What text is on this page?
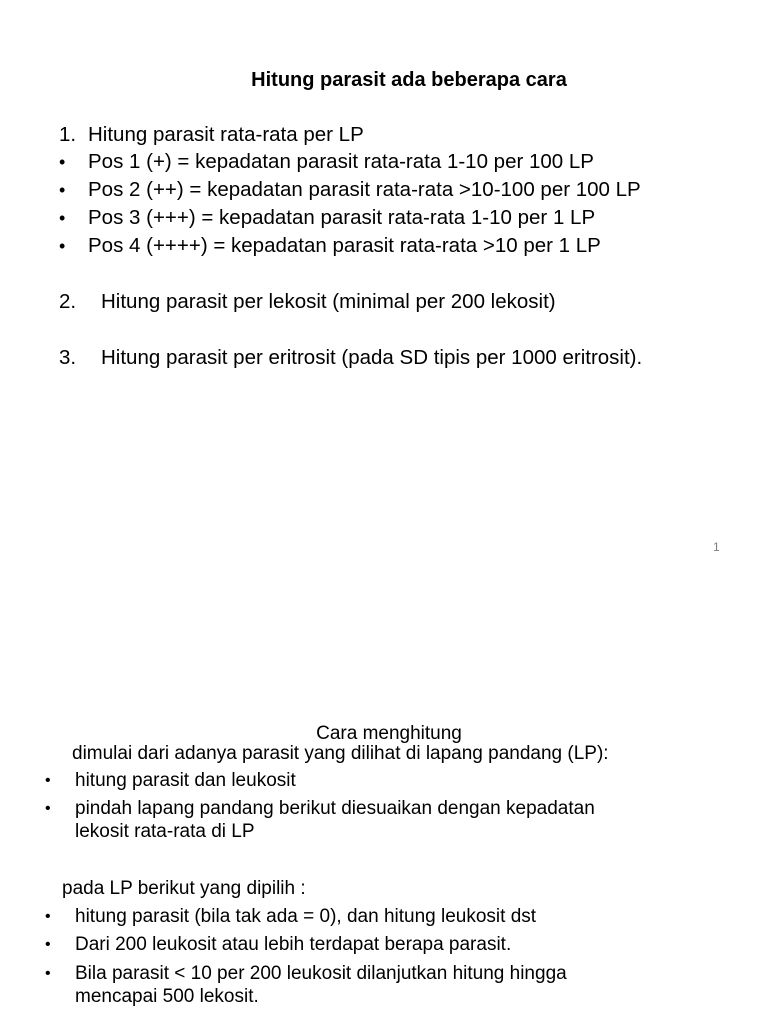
Hitung parasit ada beberapa cara
1. Hitung parasit rata-rata per LP
• Pos 1 (+) = kepadatan parasit rata-rata 1-10 per 100 LP
• Pos 2 (++) = kepadatan parasit rata-rata >10-100 per 100 LP
• Pos 3 (+++) = kepadatan parasit rata-rata 1-10 per 1 LP
• Pos 4 (++++) = kepadatan parasit rata-rata >10 per 1 LP
2. Hitung parasit per lekosit (minimal per 200 lekosit)
3. Hitung parasit per eritrosit (pada SD tipis per 1000 eritrosit).
1
Cara menghitung
dimulai dari adanya parasit yang dilihat di lapang pandang (LP):
• hitung parasit dan leukosit
• pindah lapang pandang berikut diesuaikan dengan kepadatan
lekosit rata-rata di LP
pada LP berikut yang dipilih :
• hitung parasit (bila tak ada = 0), dan hitung leukosit dst
• Dari 200 leukosit atau lebih terdapat berapa parasit.
• Bila parasit < 10 per 200 leukosit dilanjutkan hitung hingga
mencapai 500 lekosit.
